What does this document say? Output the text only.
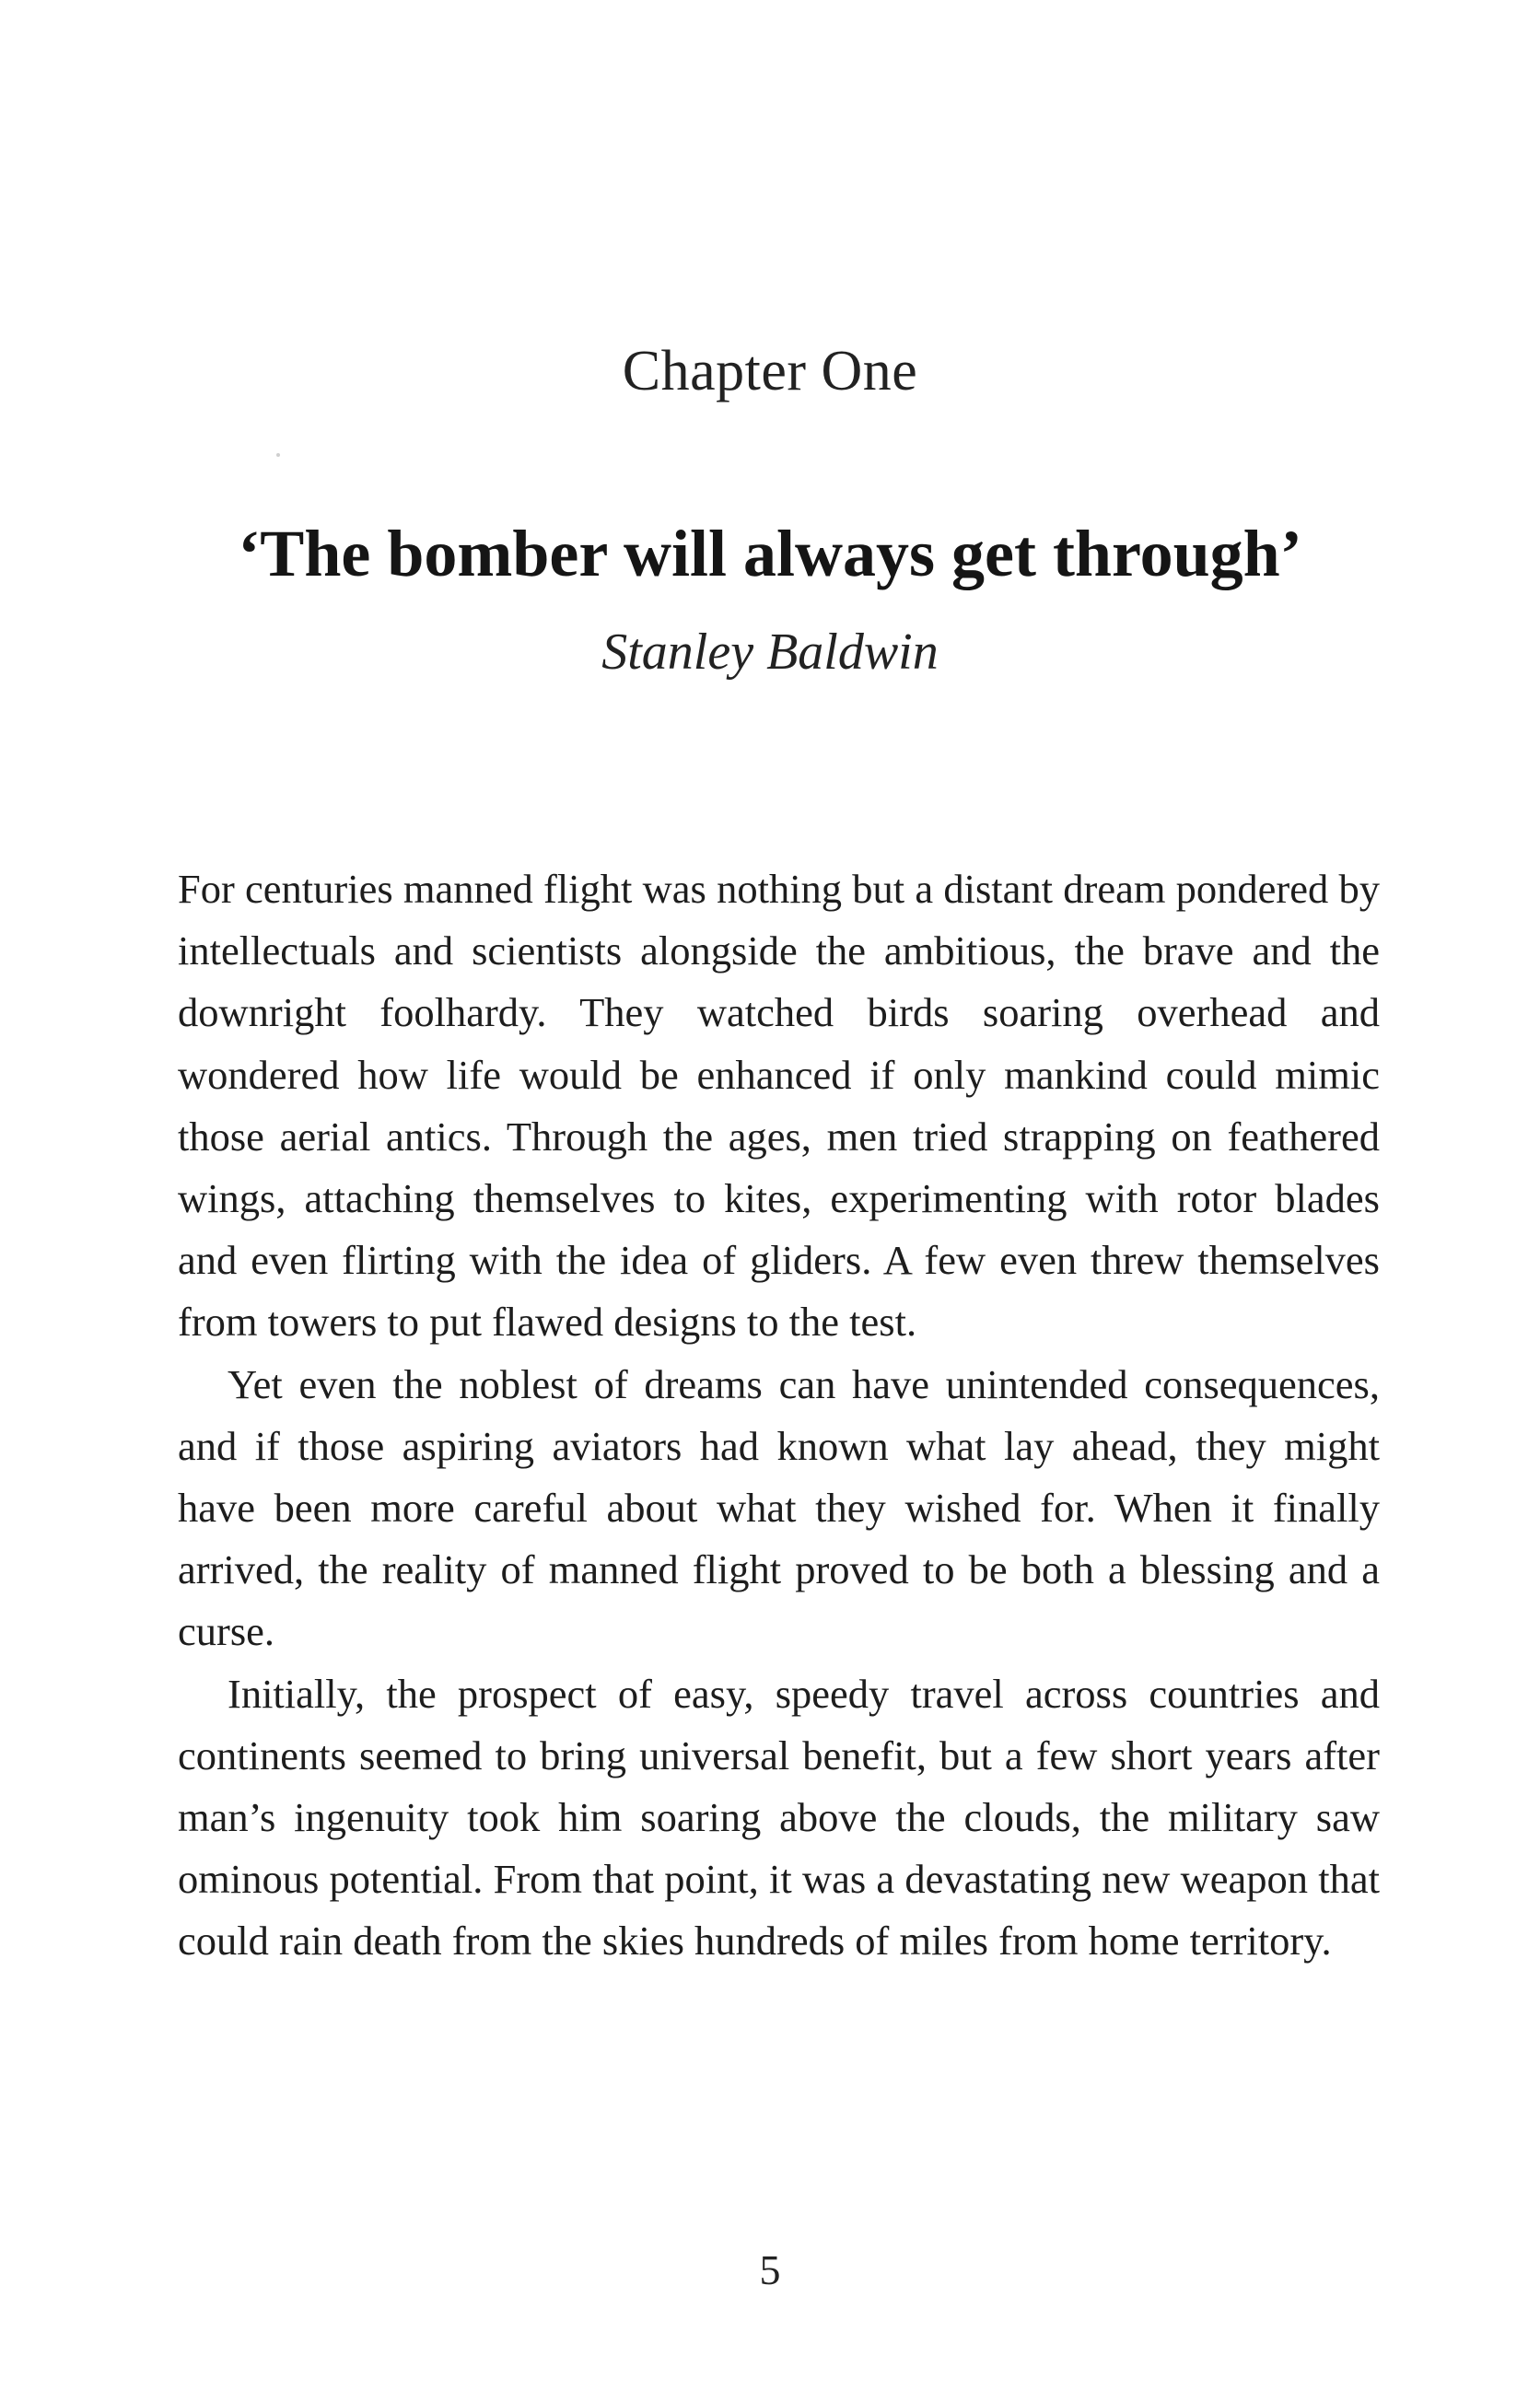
Chapter One
‘The bomber will always get through’
Stanley Baldwin

For centuries manned flight was nothing but a distant dream pondered by intellectuals and scientists alongside the ambitious, the brave and the downright foolhardy. They watched birds soaring overhead and wondered how life would be enhanced if only mankind could mimic those aerial antics. Through the ages, men tried strapping on feathered wings, attaching themselves to kites, experimenting with rotor blades and even flirting with the idea of gliders. A few even threw themselves from towers to put flawed designs to the test.

Yet even the noblest of dreams can have unintended consequences, and if those aspiring aviators had known what lay ahead, they might have been more careful about what they wished for. When it finally arrived, the reality of manned flight proved to be both a blessing and a curse.

Initially, the prospect of easy, speedy travel across countries and continents seemed to bring universal benefit, but a few short years after man’s ingenuity took him soaring above the clouds, the military saw ominous potential. From that point, it was a devastating new weapon that could rain death from the skies hundreds of miles from home territory.

5
